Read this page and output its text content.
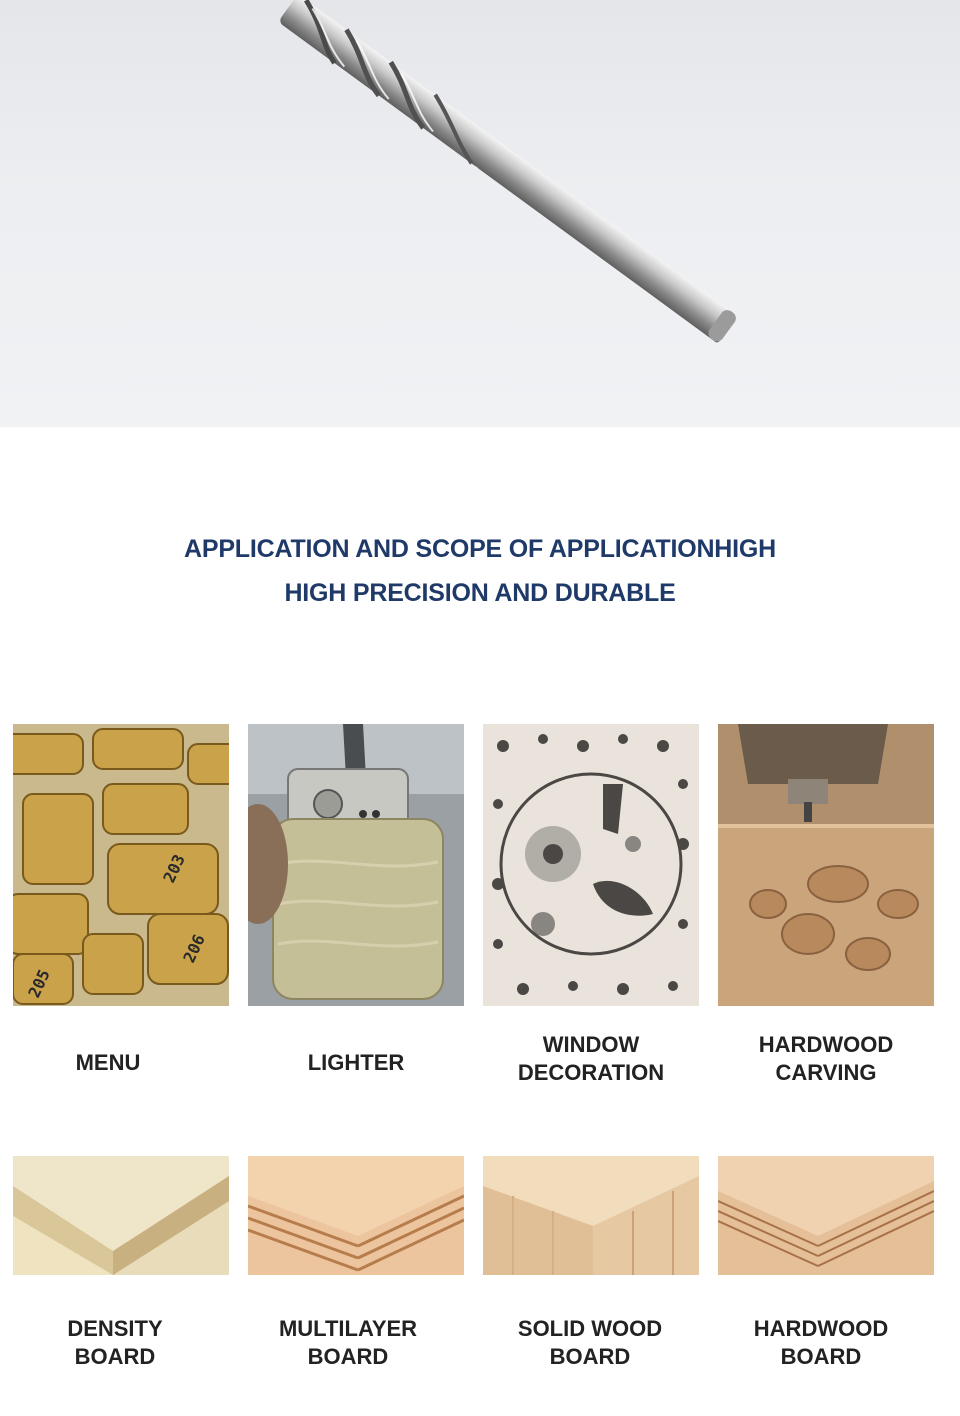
APPLICATION AND SCOPE OF APPLICATIONHIGH
HIGH PRECISION AND DURABLE
203
206
205
MENU	LIGHTER
WINDOW
DECORATION
HARDWOOD
CARVING
DENSITY
BOARD
MULTILAYER
BOARD
SOLID WOOD
BOARD
HARDWOOD
BOARD
